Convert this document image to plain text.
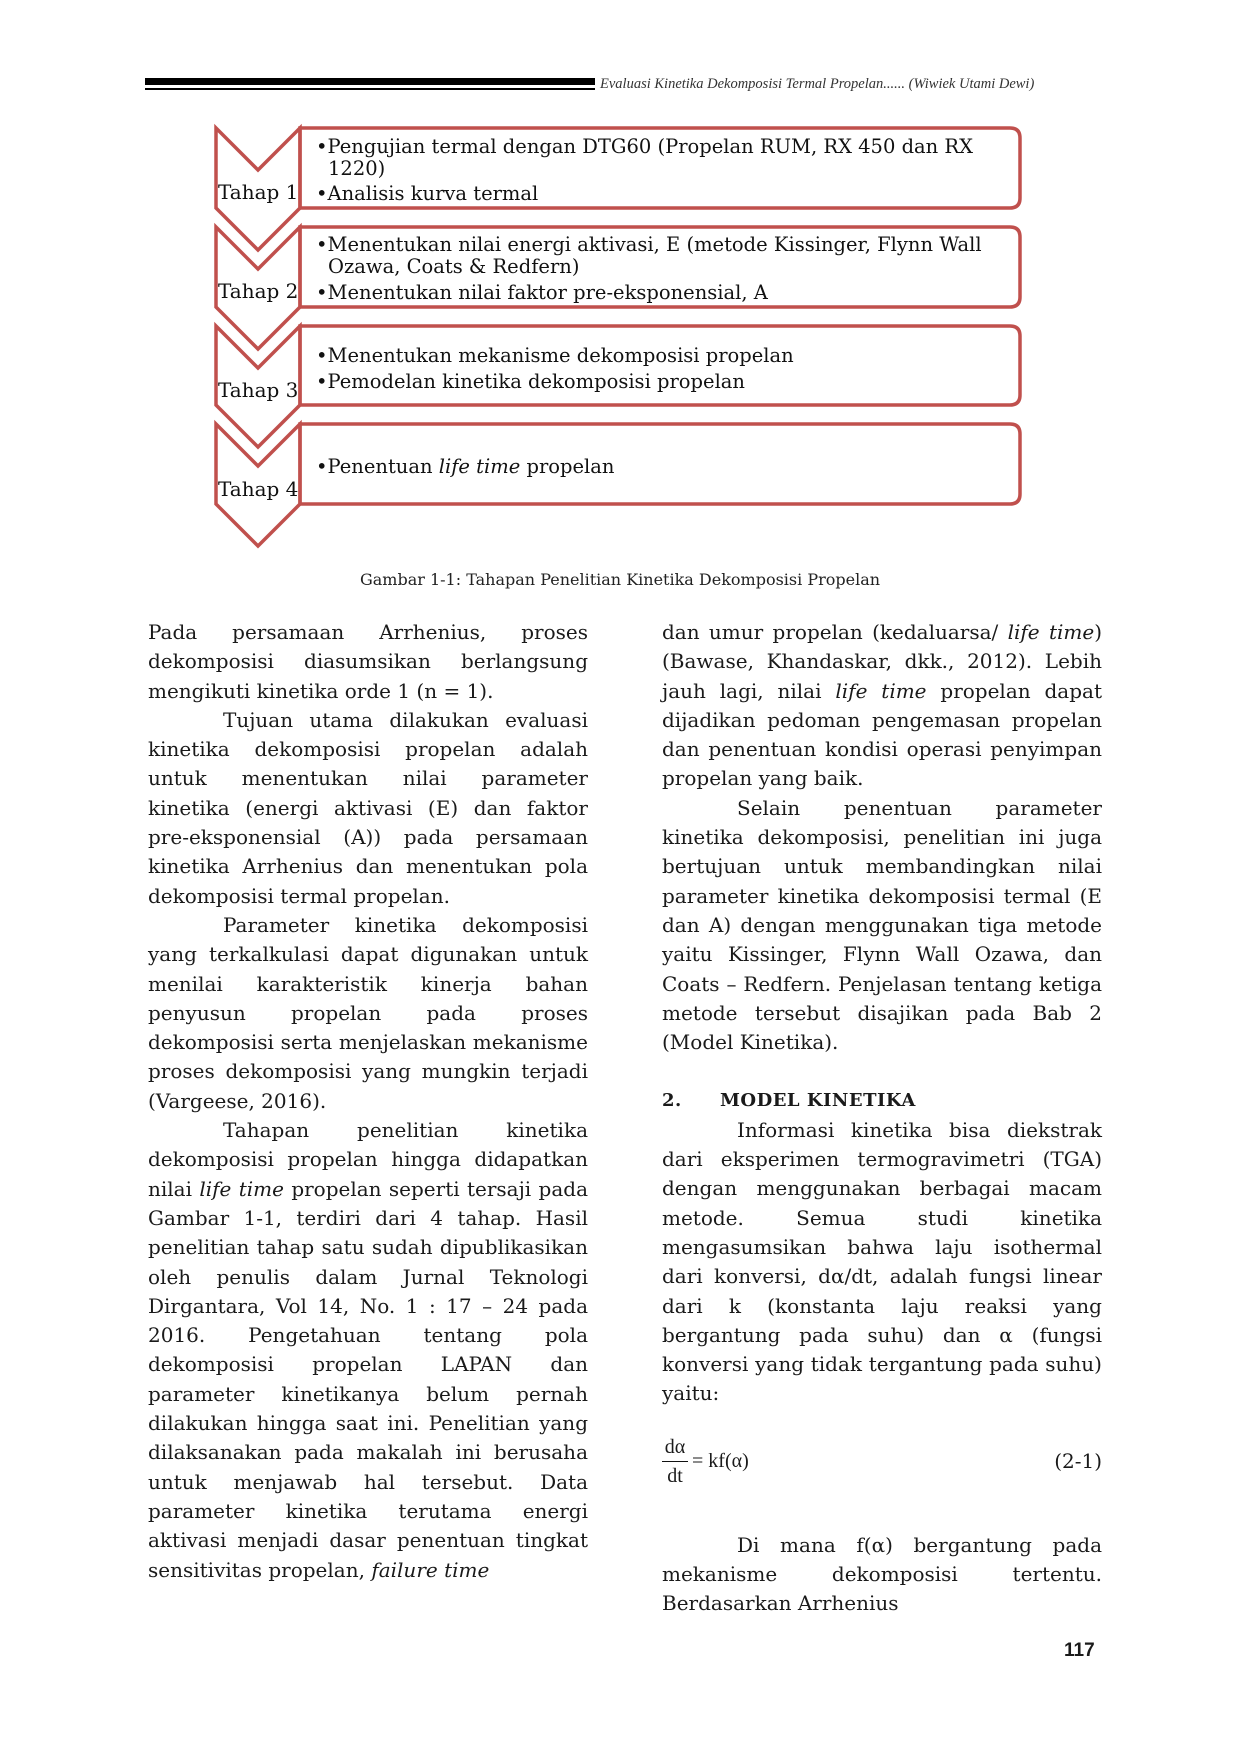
Evaluasi Kinetika Dekomposisi Termal Propelan...... (Wiwiek Utami Dewi)
Tahap 1
•Pengujian termal dengan DTG60 (Propelan RUM, RX 450 dan RX
1220)
•Analisis kurva termal
Tahap 2
•Menentukan nilai energi aktivasi, E (metode Kissinger, Flynn Wall
Ozawa, Coats & Redfern)
•Menentukan nilai faktor pre-eksponensial, A
Tahap 3
•Menentukan mekanisme dekomposisi propelan
•Pemodelan kinetika dekomposisi propelan
Tahap 4
•Penentuan life time propelan
Gambar 1-1: Tahapan Penelitian Kinetika Dekomposisi Propelan

Pada persamaan Arrhenius, proses dekomposisi diasumsikan berlangsung mengikuti kinetika orde 1 (n = 1).

Tujuan utama dilakukan evaluasi kinetika dekomposisi propelan adalah untuk menentukan nilai parameter kinetika (energi aktivasi (E) dan faktor pre-eksponensial (A)) pada persamaan kinetika Arrhenius dan menentukan pola dekomposisi termal propelan.

Parameter kinetika dekomposisi yang terkalkulasi dapat digunakan untuk menilai karakteristik kinerja bahan penyusun propelan pada proses dekomposisi serta menjelaskan mekanisme proses dekomposisi yang mungkin terjadi (Vargeese, 2016).

Tahapan penelitian kinetika dekomposisi propelan hingga didapatkan nilai life time propelan seperti tersaji pada Gambar 1-1, terdiri dari 4 tahap. Hasil penelitian tahap satu sudah dipublikasikan oleh penulis dalam Jurnal Teknologi Dirgantara, Vol 14, No. 1 : 17 – 24 pada 2016. Pengetahuan tentang pola dekomposisi propelan LAPAN dan parameter kinetikanya belum pernah dilakukan hingga saat ini. Penelitian yang dilaksanakan pada makalah ini berusaha untuk menjawab hal tersebut. Data parameter kinetika terutama energi aktivasi menjadi dasar penentuan tingkat sensitivitas propelan, failure time

dan umur propelan (kedaluarsa/ life time) (Bawase, Khandaskar, dkk., 2012). Lebih jauh lagi, nilai life time propelan dapat dijadikan pedoman pengemasan propelan dan penentuan kondisi operasi penyimpan propelan yang baik.

Selain penentuan parameter kinetika dekomposisi, penelitian ini juga bertujuan untuk membandingkan nilai parameter kinetika dekomposisi termal (E dan A) dengan menggunakan tiga metode yaitu Kissinger, Flynn Wall Ozawa, dan Coats – Redfern. Penjelasan tentang ketiga metode tersebut disajikan pada Bab 2 (Model Kinetika).

2. MODEL KINETIKA

Informasi kinetika bisa diekstrak dari eksperimen termogravimetri (TGA) dengan menggunakan berbagai macam metode. Semua studi kinetika mengasumsikan bahwa laju isothermal dari konversi, dα/dt, adalah fungsi linear dari k (konstanta laju reaksi yang bergantung pada suhu) dan α (fungsi konversi yang tidak tergantung pada suhu) yaitu:

$\frac{d\alpha}{dt} = kf(\alpha)$	(2-1)

Di mana f(α) bergantung pada mekanisme dekomposisi tertentu. Berdasarkan Arrhenius

117
